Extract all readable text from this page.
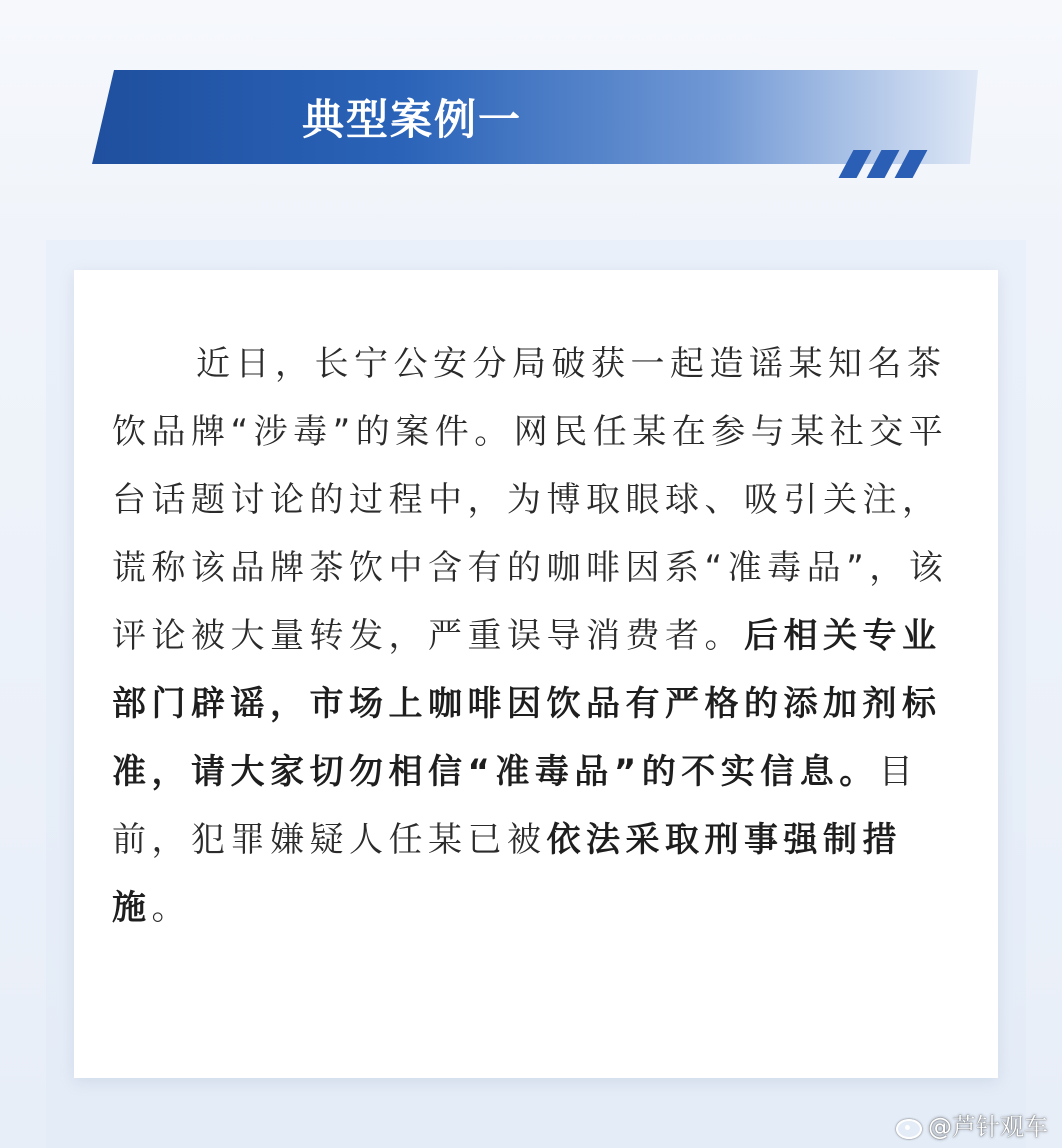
典型案例一

近日，长宁公安分局破获一起造谣某知名茶饮品牌“涉毒”的案件。网民任某在参与某社交平台话题讨论的过程中，为博取眼球、吸引关注，谎称该品牌茶饮中含有的咖啡因系“准毒品”，该评论被大量转发，严重误导消费者。后相关专业部门辟谣，市场上咖啡因饮品有严格的添加剂标准，请大家切勿相信“准毒品”的不实信息。目前，犯罪嫌疑人任某已被依法采取刑事强制措施。

@芦针观车
